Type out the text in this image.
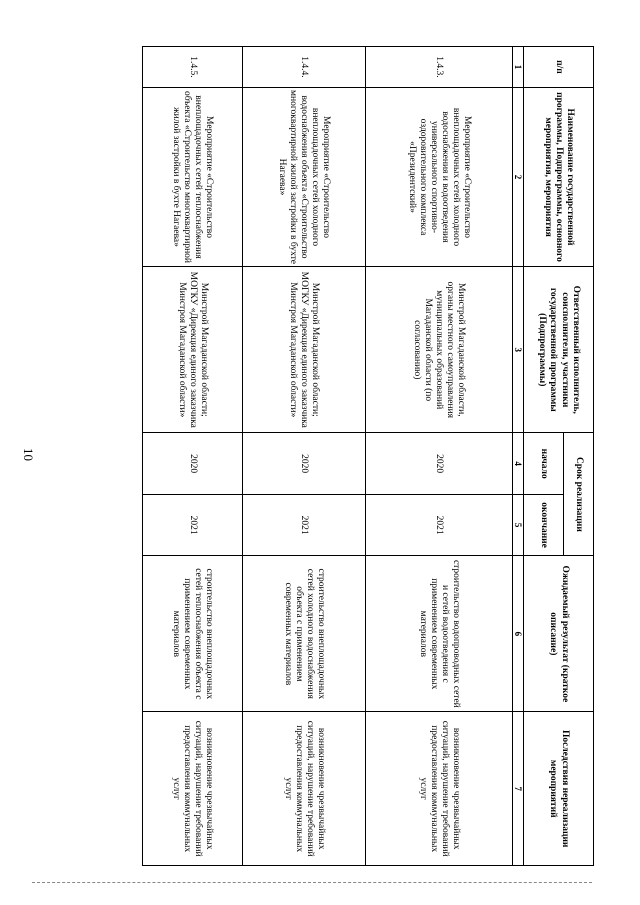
10
п/п	Наименование государственной программы, Подпрограммы, основного мероприятия, мероприятия	Ответственный исполнитель, соисполнители, участники государственной программы (Подпрограммы)	Срок реализации		Ожидаемый результат (краткое описание)	Последствия нереализации мероприятий
			начало	окончание		
1	2	3	4	5	6	7
1.4.3.	Мероприятие «Строительство внеплощадочных сетей холодного водоснабжения и водоотведения универсального спортивно-оздоровительного комплекса «Президентский»	Минстрой Магаданской области, органы местного самоуправления муниципальных образований Магаданской области (по согласованию)	2020	2021	строительство водопроводных сетей и сетей водоотведения с применением современных материалов	возникновение чрезвычайных ситуаций, нарушение требований предоставления коммунальных услуг
1.4.4.	Мероприятие «Строительство внеплощадочных сетей холодного водоснабжения объекта «Строительство многоквартирной жилой застройки в бухте Нагаева»	Минстрой Магаданской области; МОГКУ «Дирекция единого заказчика Минстроя Магаданской области»	2020	2021	строительство внеплощадочных сетей холодного водоснабжения объекта с применением современных материалов	возникновение чрезвычайных ситуаций, нарушение требований предоставления коммунальных услуг
1.4.5.	Мероприятие «Строительство внеплощадочных сетей теплоснабжения объекта «Строительство многоквартирной жилой застройки в бухте Нагаева»	Минстрой Магаданской области; МОГКУ «Дирекция единого заказчика Минстроя Магаданской области»	2020	2021	строительство внеплощадочных сетей теплоснабжения объекта с применением современных материалов	возникновение чрезвычайных ситуаций, нарушение требований предоставления коммунальных услуг
